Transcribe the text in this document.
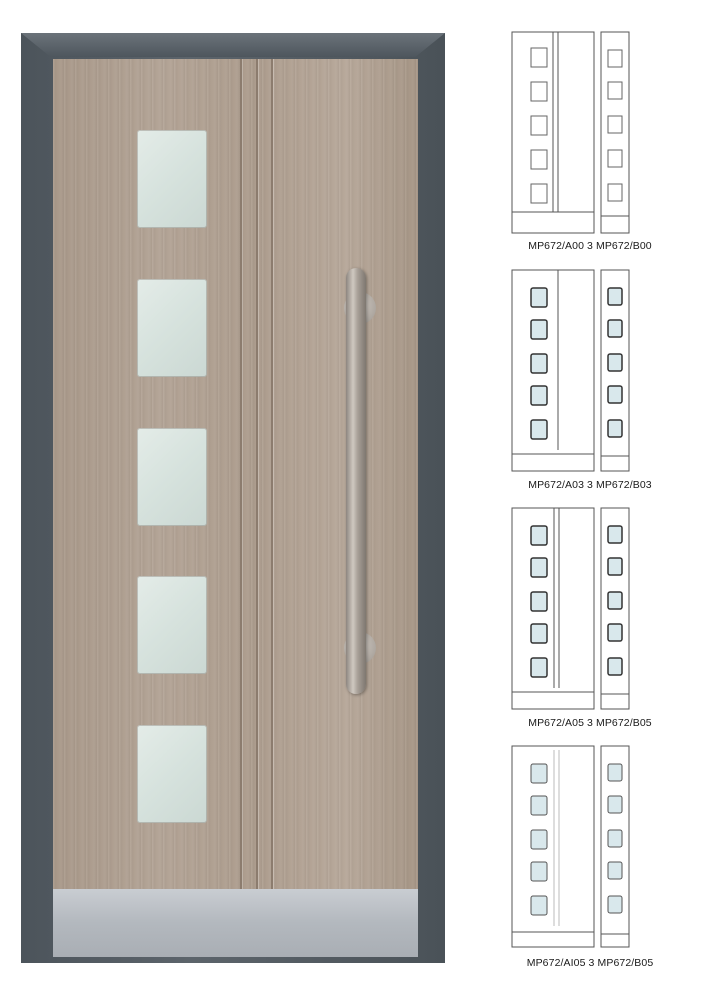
MP672/A00 3 MP672/B00
MP672/A03 3 MP672/B03
MP672/A05 3 MP672/B05
MP672/AI05 3 MP672/B05
